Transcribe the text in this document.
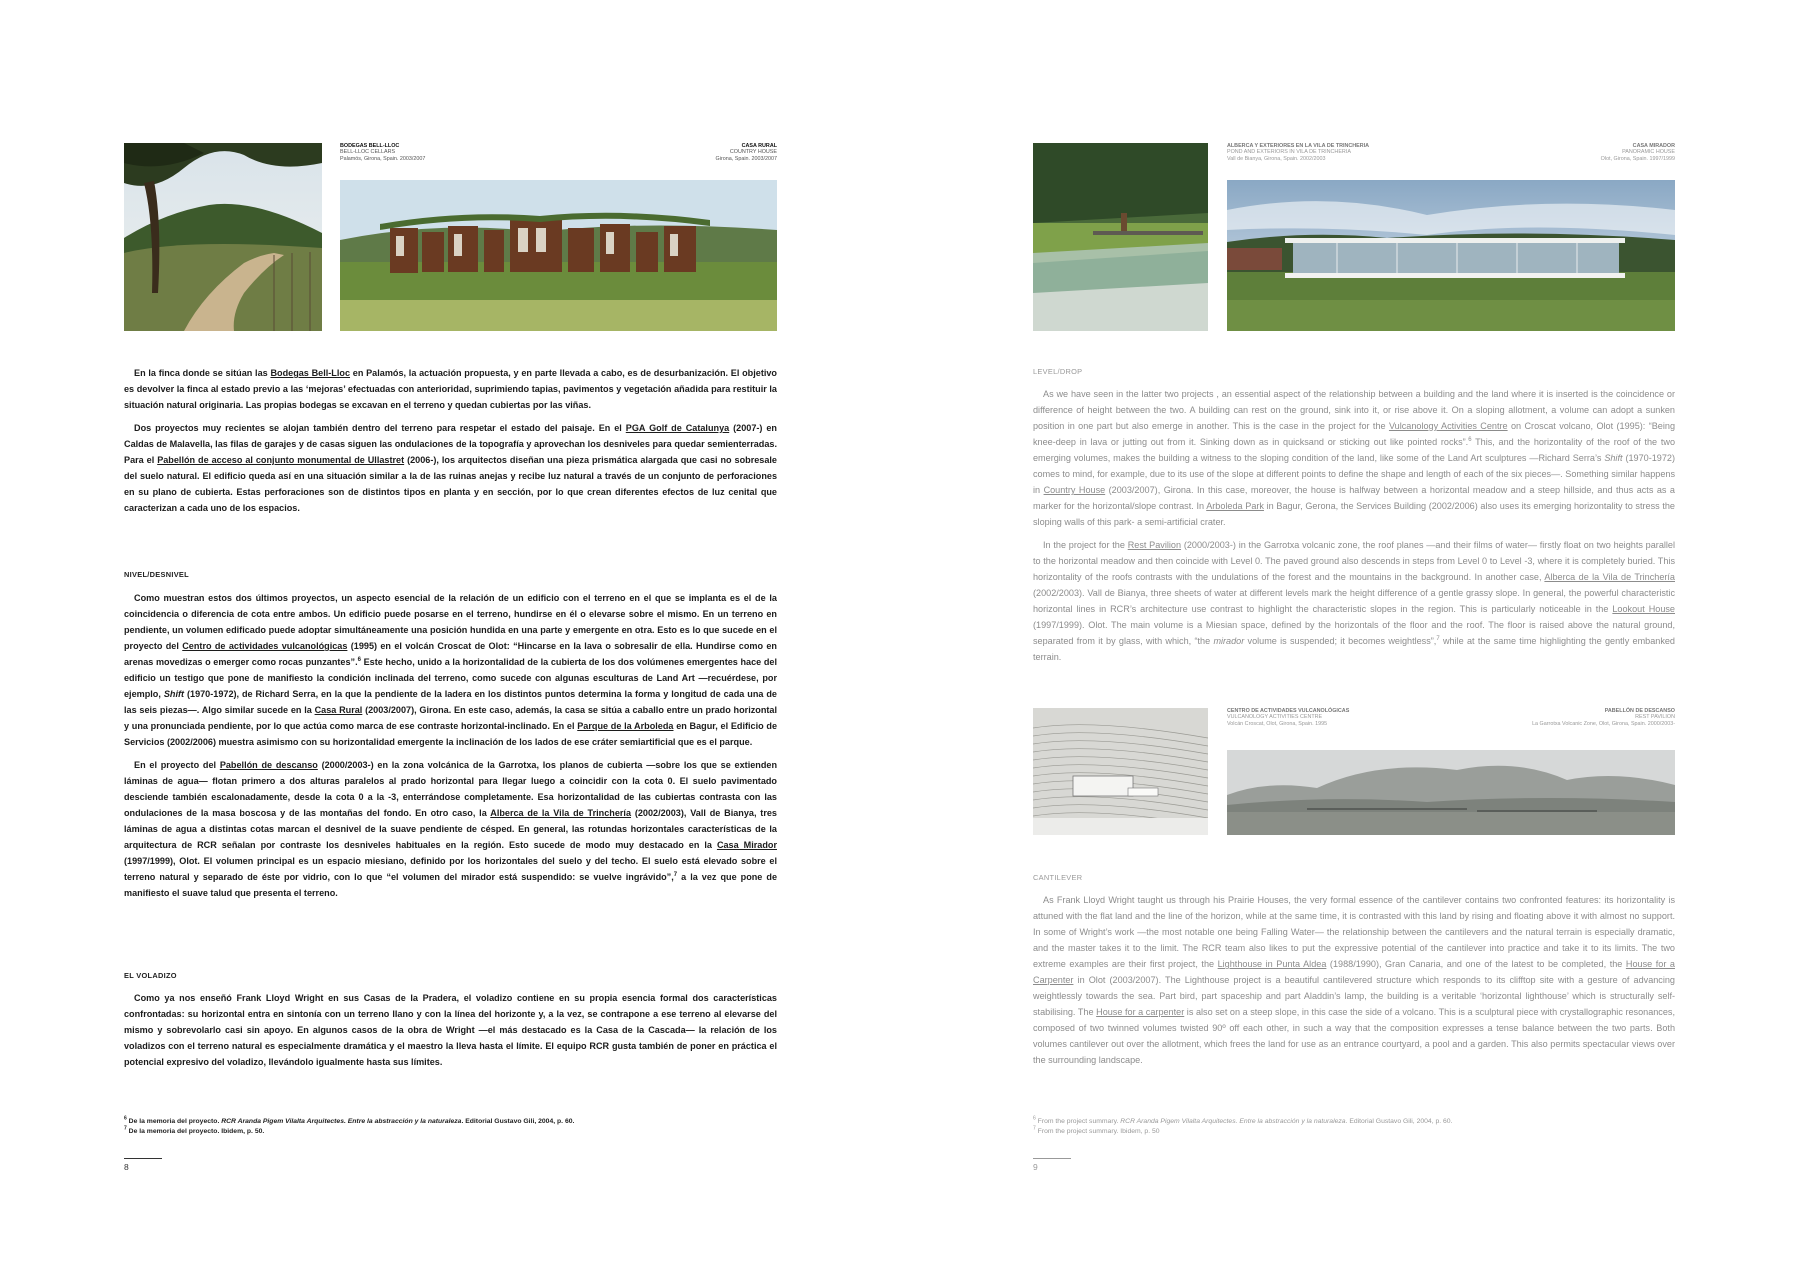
BODEGAS BELL-LLOC
BELL-LLOC CELLARS
Palamós, Girona, Spain. 2003/2007
CASA RURAL
COUNTRY HOUSE
Girona, Spain. 2003/2007

En la finca donde se sitúan las Bodegas Bell-Lloc en Palamós, la actuación propuesta, y en parte llevada a cabo, es de desurbanización. El objetivo es devolver la finca al estado previo a las ‘mejoras’ efectuadas con anterioridad, suprimiendo tapias, pavimentos y vegetación añadida para restituir la situación natural originaria. Las propias bodegas se excavan en el terreno y quedan cubiertas por las viñas.

Dos proyectos muy recientes se alojan también dentro del terreno para respetar el estado del paisaje. En el PGA Golf de Catalunya (2007-) en Caldas de Malavella, las filas de garajes y de casas siguen las ondulaciones de la topografía y aprovechan los desniveles para quedar semienterradas. Para el Pabellón de acceso al conjunto monumental de Ullastret (2006-), los arquitectos diseñan una pieza prismática alargada que casi no sobresale del suelo natural. El edificio queda así en una situación similar a la de las ruinas anejas y recibe luz natural a través de un conjunto de perforaciones en su plano de cubierta. Estas perforaciones son de distintos tipos en planta y en sección, por lo que crean diferentes efectos de luz cenital que caracterizan a cada uno de los espacios.

NIVEL/DESNIVEL

Como muestran estos dos últimos proyectos, un aspecto esencial de la relación de un edificio con el terreno en el que se implanta es el de la coincidencia o diferencia de cota entre ambos. Un edificio puede posarse en el terreno, hundirse en él o elevarse sobre el mismo. En un terreno en pendiente, un volumen edificado puede adoptar simultáneamente una posición hundida en una parte y emergente en otra. Esto es lo que sucede en el proyecto del Centro de actividades vulcanológicas (1995) en el volcán Croscat de Olot: “Hincarse en la lava o sobresalir de ella. Hundirse como en arenas movedizas o emerger como rocas punzantes”.$^6$ Este hecho, unido a la horizontalidad de la cubierta de los dos volúmenes emergentes hace del edificio un testigo que pone de manifiesto la condición inclinada del terreno, como sucede con algunas esculturas de Land Art —recuérdese, por ejemplo, Shift (1970-1972), de Richard Serra, en la que la pendiente de la ladera en los distintos puntos determina la forma y longitud de cada una de las seis piezas—. Algo similar sucede en la Casa Rural (2003/2007), Girona. En este caso, además, la casa se sitúa a caballo entre un prado horizontal y una pronunciada pendiente, por lo que actúa como marca de ese contraste horizontal-inclinado. En el Parque de la Arboleda en Bagur, el Edificio de Servicios (2002/2006) muestra asimismo con su horizontalidad emergente la inclinación de los lados de ese cráter semiartificial que es el parque.

En el proyecto del Pabellón de descanso (2000/2003-) en la zona volcánica de la Garrotxa, los planos de cubierta —sobre los que se extienden láminas de agua— flotan primero a dos alturas paralelos al prado horizontal para llegar luego a coincidir con la cota 0. El suelo pavimentado desciende también escalonadamente, desde la cota 0 a la -3, enterrándose completamente. Esa horizontalidad de las cubiertas contrasta con las ondulaciones de la masa boscosa y de las montañas del fondo. En otro caso, la Alberca de la Vila de Trinchería (2002/2003), Vall de Bianya, tres láminas de agua a distintas cotas marcan el desnivel de la suave pendiente de césped. En general, las rotundas horizontales características de la arquitectura de RCR señalan por contraste los desniveles habituales en la región. Esto sucede de modo muy destacado en la Casa Mirador (1997/1999), Olot. El volumen principal es un espacio miesiano, definido por los horizontales del suelo y del techo. El suelo está elevado sobre el terreno natural y separado de éste por vidrio, con lo que “el volumen del mirador está suspendido: se vuelve ingrávido”,$^7$ a la vez que pone de manifiesto el suave talud que presenta el terreno.

EL VOLADIZO

Como ya nos enseñó Frank Lloyd Wright en sus Casas de la Pradera, el voladizo contiene en su propia esencia formal dos características confrontadas: su horizontal entra en sintonía con un terreno llano y con la línea del horizonte y, a la vez, se contrapone a ese terreno al elevarse del mismo y sobrevolarlo casi sin apoyo. En algunos casos de la obra de Wright —el más destacado es la Casa de la Cascada— la relación de los voladizos con el terreno natural es especialmente dramática y el maestro la lleva hasta el límite. El equipo RCR gusta también de poner en práctica el potencial expresivo del voladizo, llevándolo igualmente hasta sus límites.

$^6$ De la memoria del proyecto. RCR Aranda Pigem Vilalta Arquitectes. Entre la abstracción y la naturaleza. Editorial Gustavo Gili, 2004, p. 60.
$^7$ De la memoria del proyecto. Ibidem, p. 50.
8
ALBERCA Y EXTERIORES EN LA VILA DE TRINCHERIA
POND AND EXTERIORS IN VILA DE TRINCHERIA
Vall de Bianya, Girona, Spain. 2002/2003
CASA MIRADOR
PANORAMIC HOUSE
Olot, Girona, Spain. 1997/1999
LEVEL/DROP

As we have seen in the latter two projects , an essential aspect of the relationship between a building and the land where it is inserted is the coincidence or difference of height between the two. A building can rest on the ground, sink into it, or rise above it. On a sloping allotment, a volume can adopt a sunken position in one part but also emerge in another. This is the case in the project for the Vulcanology Activities Centre on Croscat volcano, Olot (1995): “Being knee-deep in lava or jutting out from it. Sinking down as in quicksand or sticking out like pointed rocks”.$^6$ This, and the horizontality of the roof of the two emerging volumes, makes the building a witness to the sloping condition of the land, like some of the Land Art sculptures —Richard Serra’s Shift (1970-1972) comes to mind, for example, due to its use of the slope at different points to define the shape and length of each of the six pieces—. Something similar happens in Country House (2003/2007), Girona. In this case, moreover, the house is halfway between a horizontal meadow and a steep hillside, and thus acts as a marker for the horizontal/slope contrast. In Arboleda Park in Bagur, Gerona, the Services Building (2002/2006) also uses its emerging horizontality to stress the sloping walls of this park- a semi-artificial crater.

In the project for the Rest Pavilion (2000/2003-) in the Garrotxa volcanic zone, the roof planes —and their films of water— firstly float on two heights parallel to the horizontal meadow and then coincide with Level 0. The paved ground also descends in steps from Level 0 to Level -3, where it is completely buried. This horizontality of the roofs contrasts with the undulations of the forest and the mountains in the background. In another case, Alberca de la Vila de Trinchería (2002/2003). Vall de Bianya, three sheets of water at different levels mark the height difference of a gentle grassy slope. In general, the powerful characteristic horizontal lines in RCR’s architecture use contrast to highlight the characteristic slopes in the region. This is particularly noticeable in the Lookout House (1997/1999). Olot. The main volume is a Miesian space, defined by the horizontals of the floor and the roof. The floor is raised above the natural ground, separated from it by glass, with which, “the mirador volume is suspended; it becomes weightless”,$^7$ while at the same time highlighting the gently embanked terrain.

CENTRO DE ACTIVIDADES VULCANOLÓGICAS
VULCANOLOGY ACTIVITIES CENTRE
Volcán Croscat, Olot, Girona, Spain. 1995
PABELLÓN DE DESCANSO
REST PAVILION
La Garrotxa Volcanic Zone, Olot, Girona, Spain. 2000/2003-
CANTILEVER

As Frank Lloyd Wright taught us through his Prairie Houses, the very formal essence of the cantilever contains two confronted features: its horizontality is attuned with the flat land and the line of the horizon, while at the same time, it is contrasted with this land by rising and floating above it with almost no support. In some of Wright’s work —the most notable one being Falling Water— the relationship between the cantilevers and the natural terrain is especially dramatic, and the master takes it to the limit. The RCR team also likes to put the expressive potential of the cantilever into practice and take it to its limits. The two extreme examples are their first project, the Lighthouse in Punta Aldea (1988/1990), Gran Canaria, and one of the latest to be completed, the House for a Carpenter in Olot (2003/2007). The Lighthouse project is a beautiful cantilevered structure which responds to its clifftop site with a gesture of advancing weightlessly towards the sea. Part bird, part spaceship and part Aladdin’s lamp, the building is a veritable ‘horizontal lighthouse’ which is structurally self-stabilising. The House for a carpenter is also set on a steep slope, in this case the side of a volcano. This is a sculptural piece with crystallographic resonances, composed of two twinned volumes twisted 90º off each other, in such a way that the composition expresses a tense balance between the two parts. Both volumes cantilever out over the allotment, which frees the land for use as an entrance courtyard, a pool and a garden. This also permits spectacular views over the surrounding landscape.

$^6$ From the project summary. RCR Aranda Pigem Vilalta Arquitectes. Entre la abstracción y la naturaleza. Editorial Gustavo Gili, 2004, p. 60.
$^7$ From the project summary. Ibidem, p. 50
9
